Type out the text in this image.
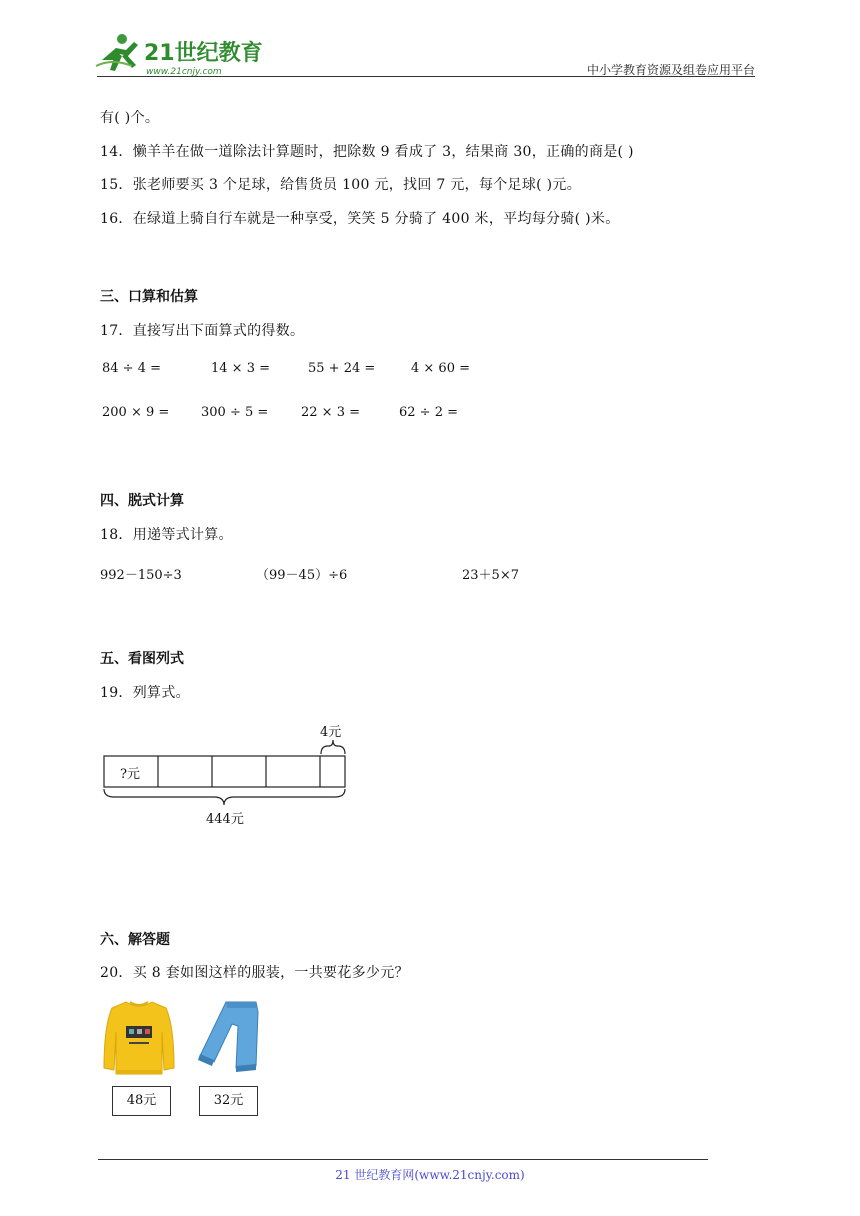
21世纪教育
www.21cnjy.com	中小学教育资源及组卷应用平台
有( )个。
14．懒羊羊在做一道除法计算题时，把除数 9 看成了 3，结果商 30，正确的商是( )
15．张老师要买 3 个足球，给售货员 100 元，找回 7 元，每个足球( )元。
16．在绿道上骑自行车就是一种享受，笑笑 5 分骑了 400 米，平均每分骑( )米。
三、口算和估算
17．直接写出下面算式的得数。
84 ÷ 4 =	14 × 3 =	55 + 24 =	4 × 60 =
200 × 9 = 300 ÷ 5 =	22 × 3 =	62 ÷ 2 =
四、脱式计算
18．用递等式计算。
992－150÷3	（99－45）÷6	23＋5×7
五、看图列式
19．列算式。
4元
?元
444元
六、解答题
20．买 8 套如图这样的服装，一共要花多少元？
48元	32元
21 世纪教育网(www.21cnjy.com)
